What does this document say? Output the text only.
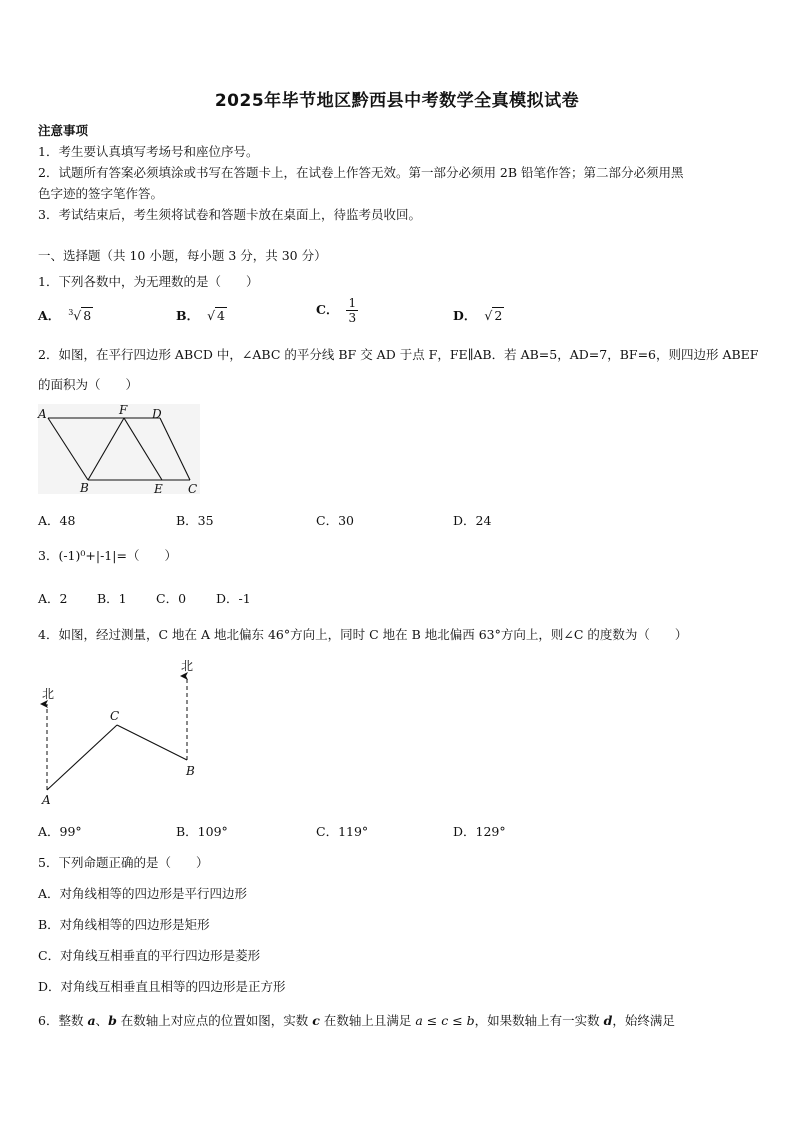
2025年毕节地区黔西县中考数学全真模拟试卷
注意事项
1．考生要认真填写考场号和座位序号。
2．试题所有答案必须填涂或书写在答题卡上，在试卷上作答无效。第一部分必须用 2B 铅笔作答；第二部分必须用黑
色字迹的签字笔作答。
3．考试结束后，考生须将试卷和答题卡放在桌面上，待监考员收回。
一、选择题（共 10 小题，每小题 3 分，共 30 分）
1．下列各数中，为无理数的是（　　）
A． $^3$√ 8	B． √ 4	C． $\frac{1}{3}$	D． √ 2
2．如图，在平行四边形 ABCD 中，∠ABC 的平分线 BF 交 AD 于点 F，FE∥AB．若 AB=5，AD=7，BF=6，则四边形 ABEF
的面积为（　　）
A	F D
B	E C
A．48	B．35	C．30	D．24
3．(-1)⁰+|-1|=（　　）
A．2 B．1 C．0 D．-1
4．如图，经过测量，C 地在 A 地北偏东 46°方向上，同时 C 地在 B 地北偏西 63°方向上，则∠C 的度数为（　　）
北
北
A
C
B
A．99°	B．109°	C．119°	D．129°
5．下列命题正确的是（　　）
A．对角线相等的四边形是平行四边形
B．对角线相等的四边形是矩形
C．对角线互相垂直的平行四边形是菱形
D．对角线互相垂直且相等的四边形是正方形
6．整数 a、b 在数轴上对应点的位置如图，实数 c 在数轴上且满足 a ≤ c ≤ b，如果数轴上有一实数 d，始终满足
